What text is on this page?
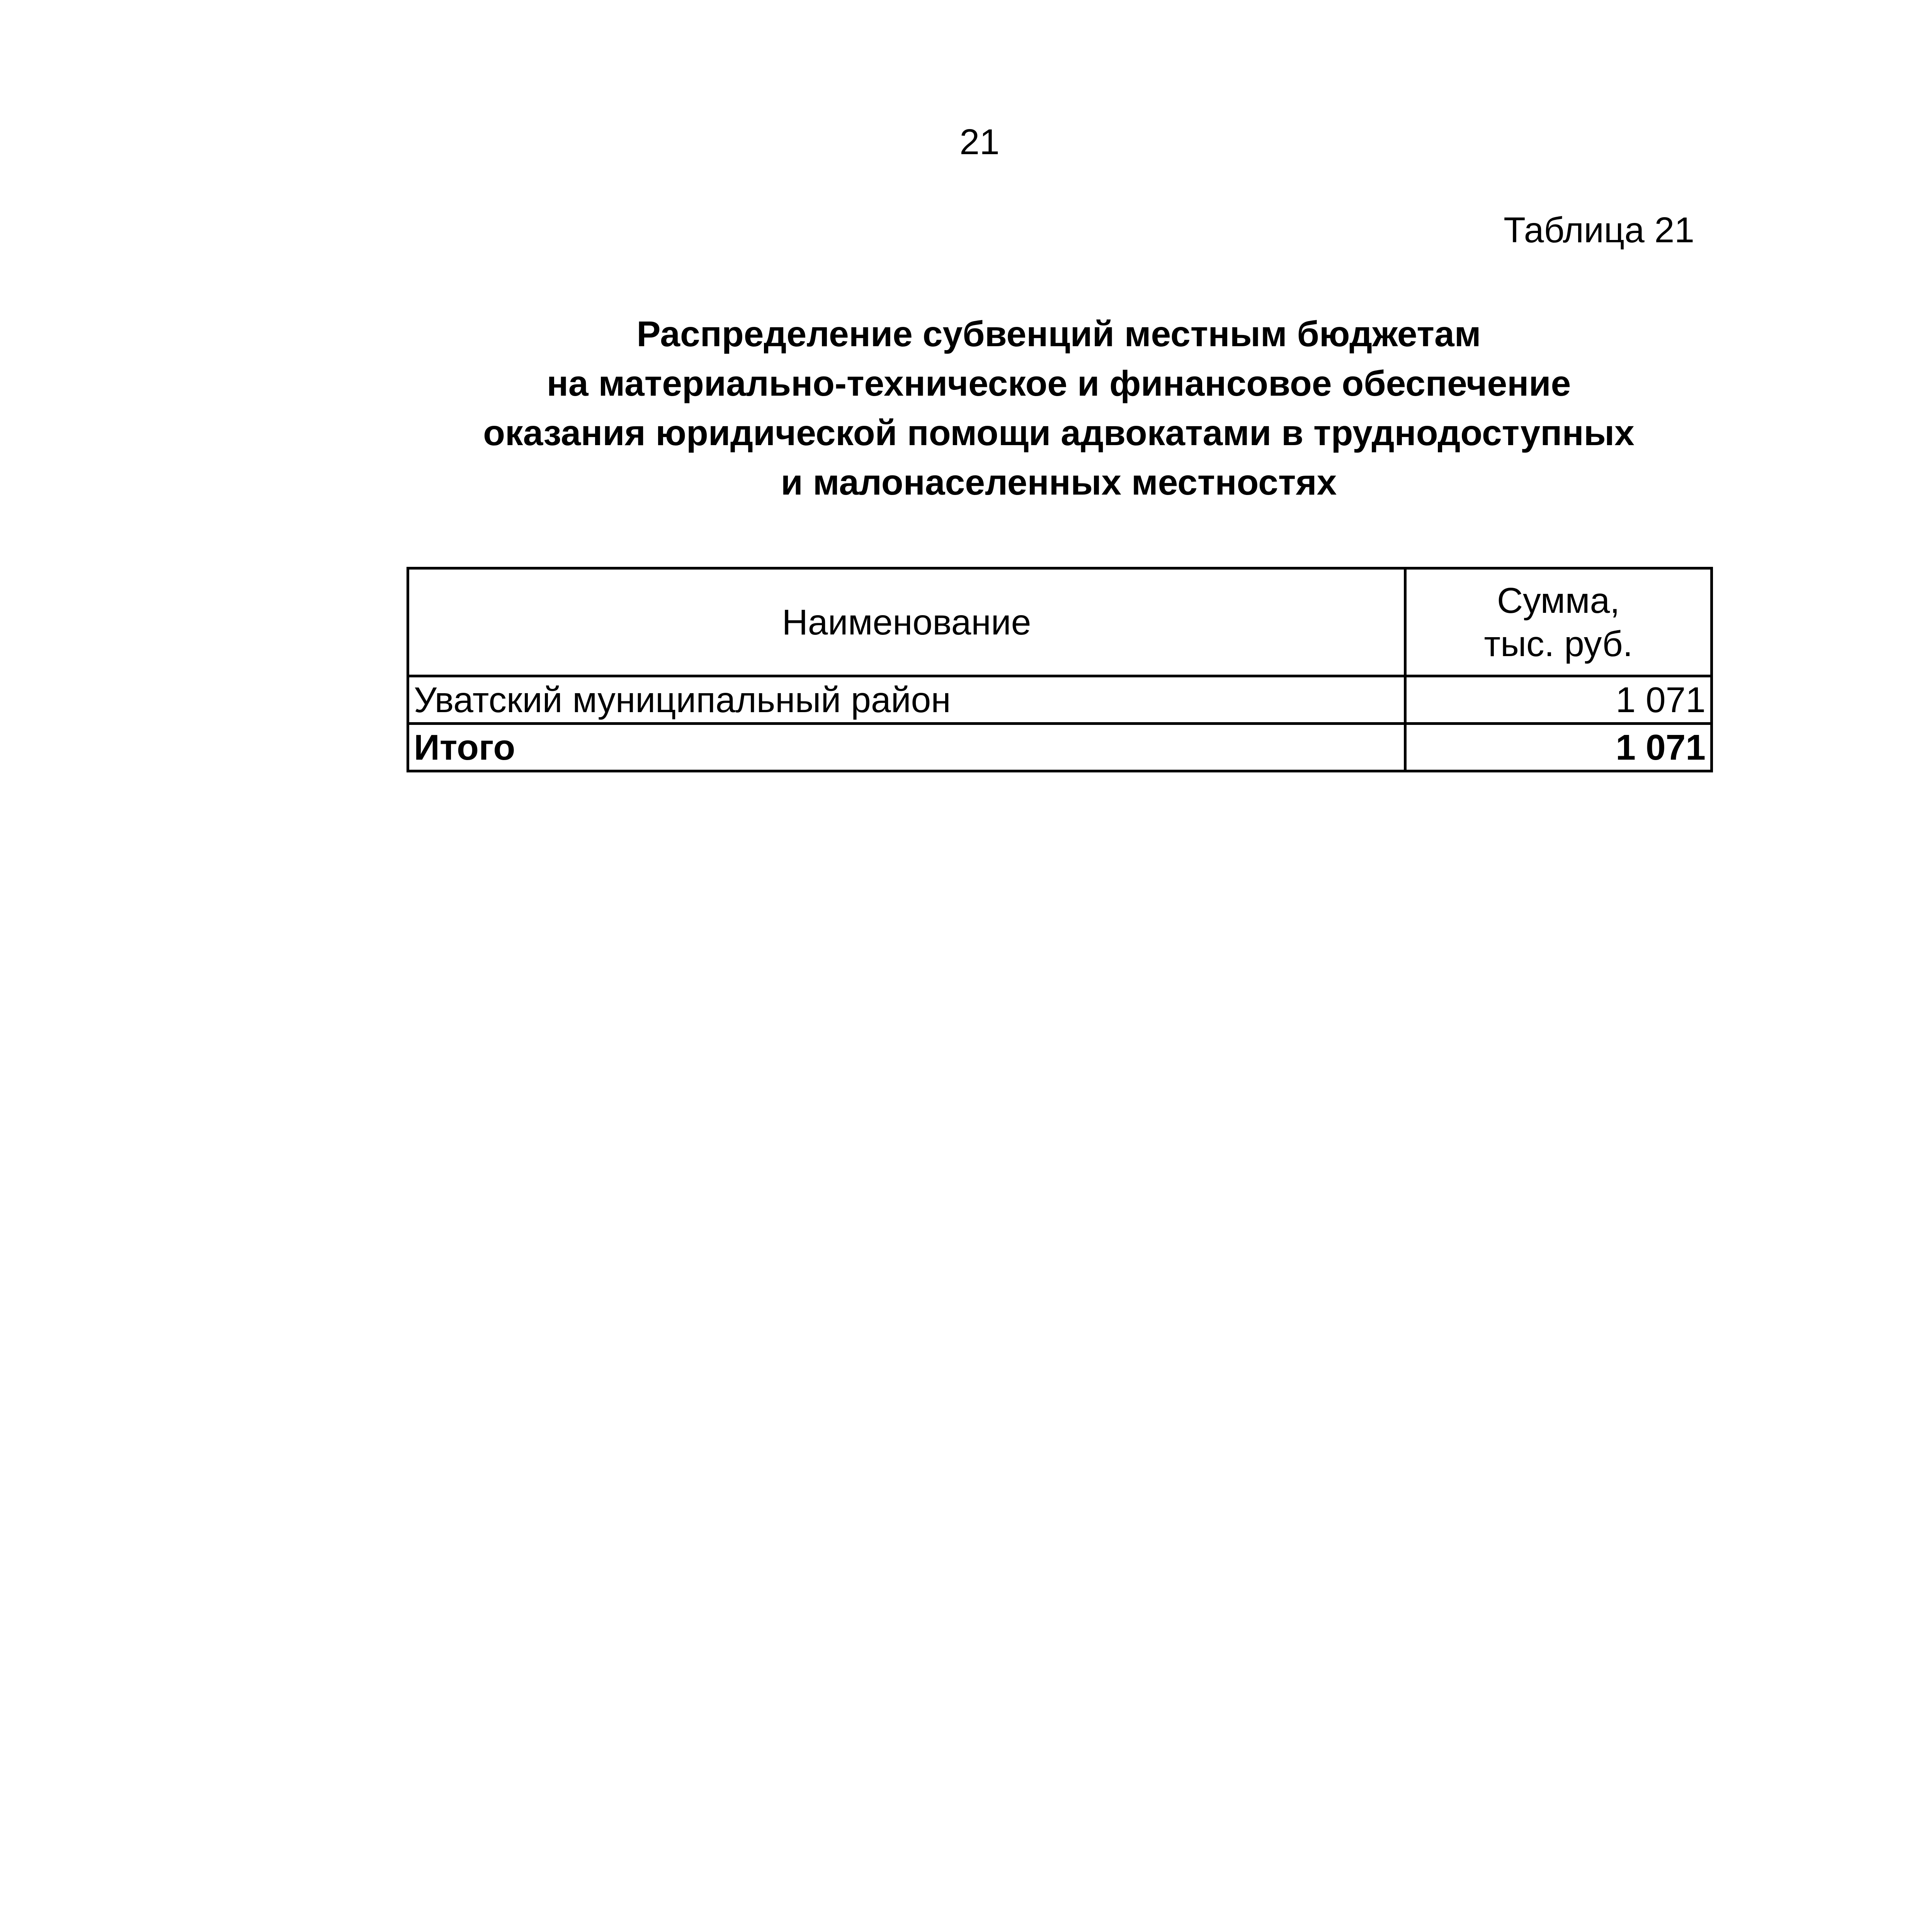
21
Таблица 21
Распределение субвенций местным бюджетам
на материально-техническое и финансовое обеспечение
оказания юридической помощи адвокатами в труднодоступных
и малонаселенных местностях
Наименование	Сумма,
тыс. руб.

Уватский муниципальный район	1 071
Итого	1 071
